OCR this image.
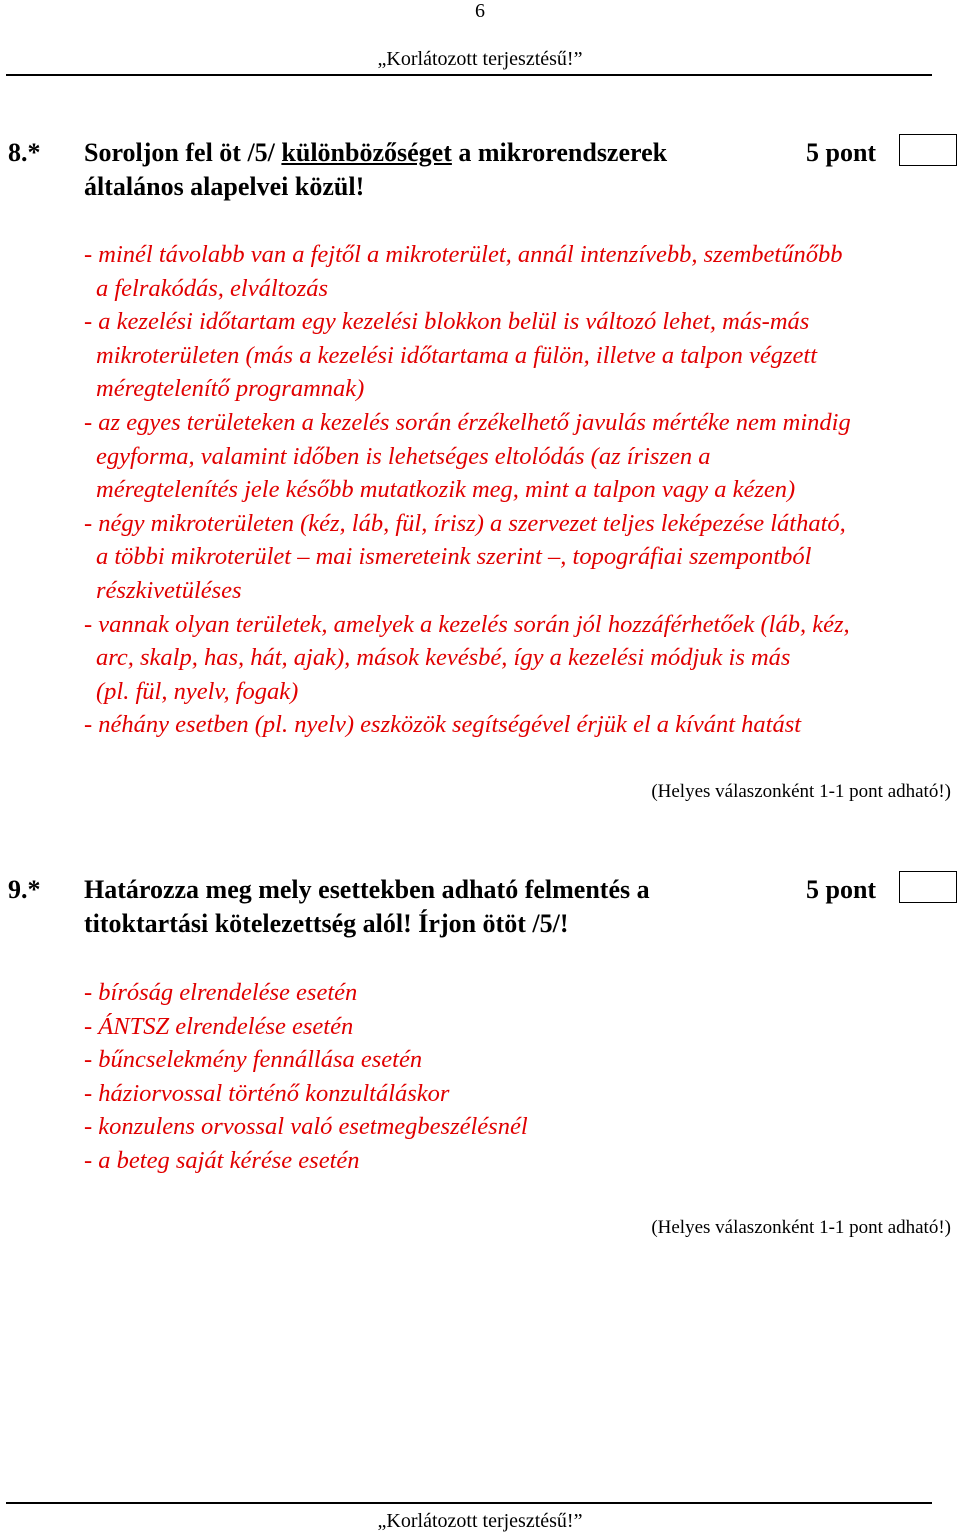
6
„Korlátozott terjesztésű!”
8.* Soroljon fel öt /5/ különbözőséget a mikrorendszerek
általános alapelvei közül!
5 pont
- minél távolabb van a fejtől a mikroterület, annál intenzívebb, szembetűnőbb
a felrakódás, elváltozás
- a kezelési időtartam egy kezelési blokkon belül is változó lehet, más-más
mikroterületen (más a kezelési időtartama a fülön, illetve a talpon végzett
méregtelenítő programnak)
- az egyes területeken a kezelés során érzékelhető javulás mértéke nem mindig
egyforma, valamint időben is lehetséges eltolódás (az íriszen a
méregtelenítés jele később mutatkozik meg, mint a talpon vagy a kézen)
- négy mikroterületen (kéz, láb, fül, írisz) a szervezet teljes leképezése látható,
a többi mikroterület – mai ismereteink szerint –, topográfiai szempontból
részkivetüléses
- vannak olyan területek, amelyek a kezelés során jól hozzáférhetőek (láb, kéz,
arc, skalp, has, hát, ajak), mások kevésbé, így a kezelési módjuk is más
(pl. fül, nyelv, fogak)
- néhány esetben (pl. nyelv) eszközök segítségével érjük el a kívánt hatást
(Helyes válaszonként 1-1 pont adható!)
9.* Határozza meg mely esettekben adható felmentés a
titoktartási kötelezettség alól! Írjon ötöt /5/!
5 pont
- bíróság elrendelése esetén
- ÁNTSZ elrendelése esetén
- bűncselekmény fennállása esetén
- háziorvossal történő konzultáláskor
- konzulens orvossal való esetmegbeszélésnél
- a beteg saját kérése esetén
(Helyes válaszonként 1-1 pont adható!)
„Korlátozott terjesztésű!”
